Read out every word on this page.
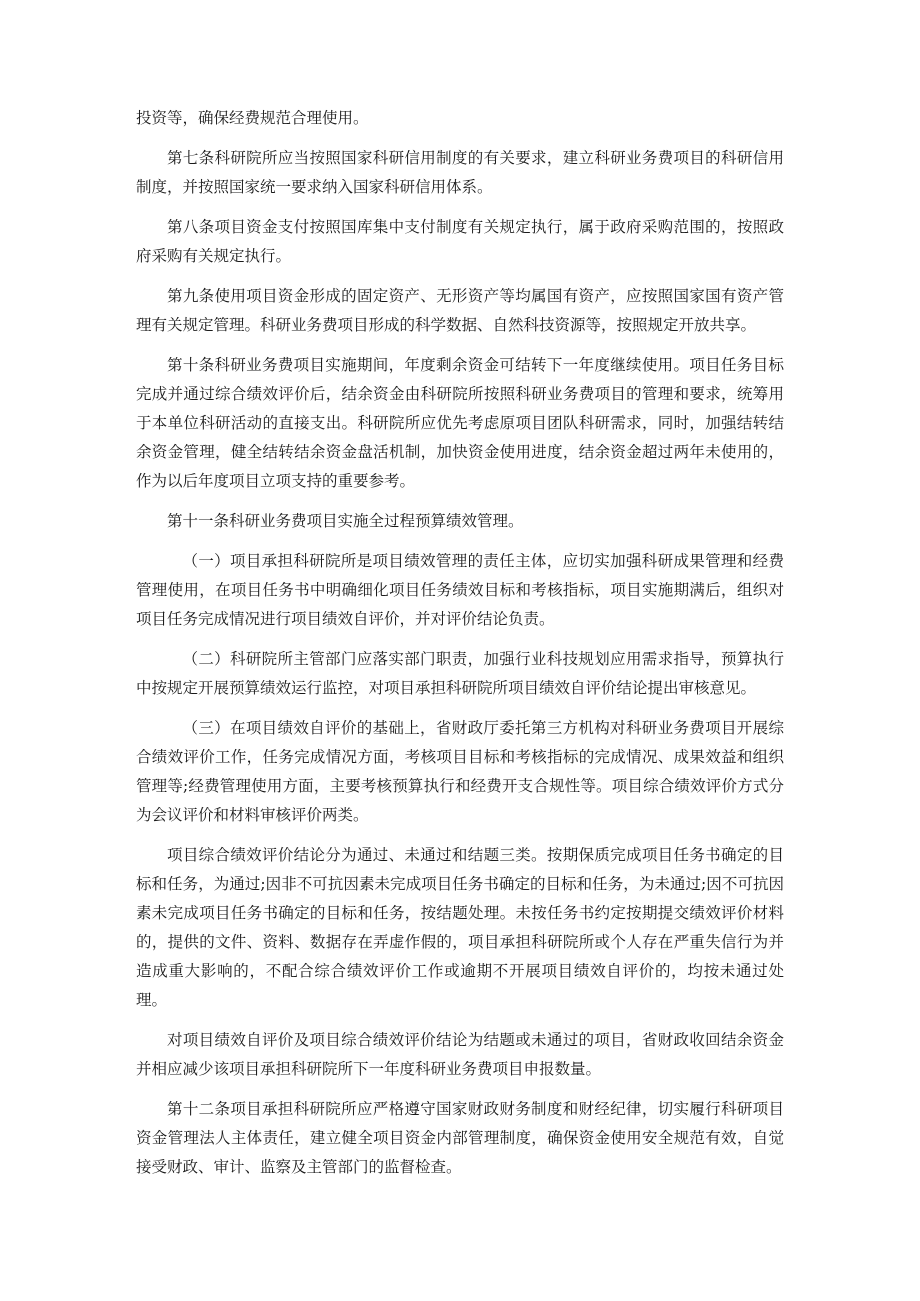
投资等，确保经费规范合理使用。

第七条科研院所应当按照国家科研信用制度的有关要求，建立科研业务费项目的科研信用制度，并按照国家统一要求纳入国家科研信用体系。

第八条项目资金支付按照国库集中支付制度有关规定执行，属于政府采购范围的，按照政府采购有关规定执行。

第九条使用项目资金形成的固定资产、无形资产等均属国有资产，应按照国家国有资产管理有关规定管理。科研业务费项目形成的科学数据、自然科技资源等，按照规定开放共享。

第十条科研业务费项目实施期间，年度剩余资金可结转下一年度继续使用。项目任务目标完成并通过综合绩效评价后，结余资金由科研院所按照科研业务费项目的管理和要求，统筹用于本单位科研活动的直接支出。科研院所应优先考虑原项目团队科研需求，同时，加强结转结余资金管理，健全结转结余资金盘活机制，加快资金使用进度，结余资金超过两年未使用的，作为以后年度项目立项支持的重要参考。

第十一条科研业务费项目实施全过程预算绩效管理。

（一）项目承担科研院所是项目绩效管理的责任主体，应切实加强科研成果管理和经费管理使用，在项目任务书中明确细化项目任务绩效目标和考核指标，项目实施期满后，组织对项目任务完成情况进行项目绩效自评价，并对评价结论负责。

（二）科研院所主管部门应落实部门职责，加强行业科技规划应用需求指导，预算执行中按规定开展预算绩效运行监控，对项目承担科研院所项目绩效自评价结论提出审核意见。

（三）在项目绩效自评价的基础上，省财政厅委托第三方机构对科研业务费项目开展综合绩效评价工作，任务完成情况方面，考核项目目标和考核指标的完成情况、成果效益和组织管理等;经费管理使用方面，主要考核预算执行和经费开支合规性等。项目综合绩效评价方式分为会议评价和材料审核评价两类。

项目综合绩效评价结论分为通过、未通过和结题三类。按期保质完成项目任务书确定的目标和任务，为通过;因非不可抗因素未完成项目任务书确定的目标和任务，为未通过;因不可抗因素未完成项目任务书确定的目标和任务，按结题处理。未按任务书约定按期提交绩效评价材料的，提供的文件、资料、数据存在弄虚作假的，项目承担科研院所或个人存在严重失信行为并造成重大影响的，不配合综合绩效评价工作或逾期不开展项目绩效自评价的，均按未通过处理。

对项目绩效自评价及项目综合绩效评价结论为结题或未通过的项目，省财政收回结余资金并相应减少该项目承担科研院所下一年度科研业务费项目申报数量。

第十二条项目承担科研院所应严格遵守国家财政财务制度和财经纪律，切实履行科研项目资金管理法人主体责任，建立健全项目资金内部管理制度，确保资金使用安全规范有效，自觉接受财政、审计、监察及主管部门的监督检查。
